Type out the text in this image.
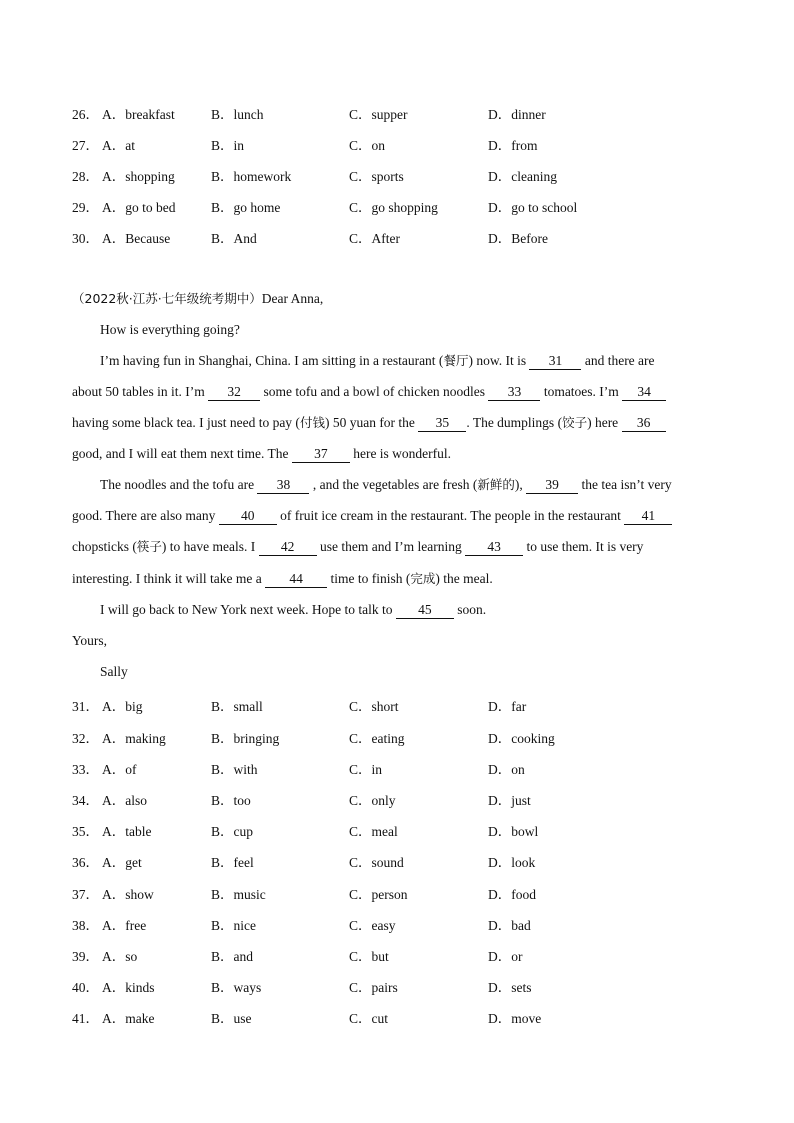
26． A．breakfast	B．lunch	C．supper	D．dinner
27． A．at	B．in	C．on	D．from
28． A．shopping	B．homework	C．sports	D．cleaning
29． A．go to bed	B．go home	C．go shopping	D．go to school
30． A．Because	B．And	C．After	D．Before
（2022秋·江苏·七年级统考期中）Dear Anna,
How is everything going?
I’m having fun in Shanghai, China. I am sitting in a restaurant (餐厅) now. It is 31 and there are
about 50 tables in it. I’m 32 some tofu and a bowl of chicken noodles 33 tomatoes. I’m 34
having some black tea. I just need to pay (付钱) 50 yuan for the 35 . The dumplings (饺子) here 36
good, and I will eat them next time. The 37 here is wonderful.
The noodles and the tofu are 38 , and the vegetables are fresh (新鲜的), 39 the tea isn’t very
good. There are also many 40 of fruit ice cream in the restaurant. The people in the restaurant 41
chopsticks (筷子) to have meals. I 42 use them and I’m learning 43 to use them. It is very
interesting. I think it will take me a 44 time to finish (完成) the meal.
I will go back to New York next week. Hope to talk to 45 soon.
Yours,
Sally
31． A．big	B．small	C．short	D．far
32． A．making	B．bringing	C．eating	D．cooking
33． A．of	B．with	C．in	D．on
34． A．also	B．too	C．only	D．just
35． A．table	B．cup	C．meal	D．bowl
36． A．get	B．feel	C．sound	D．look
37． A．show	B．music	C．person	D．food
38． A．free	B．nice	C．easy	D．bad
39． A．so	B．and	C．but	D．or
40． A．kinds	B．ways	C．pairs	D．sets
41． A．make	B．use	C．cut	D．move
